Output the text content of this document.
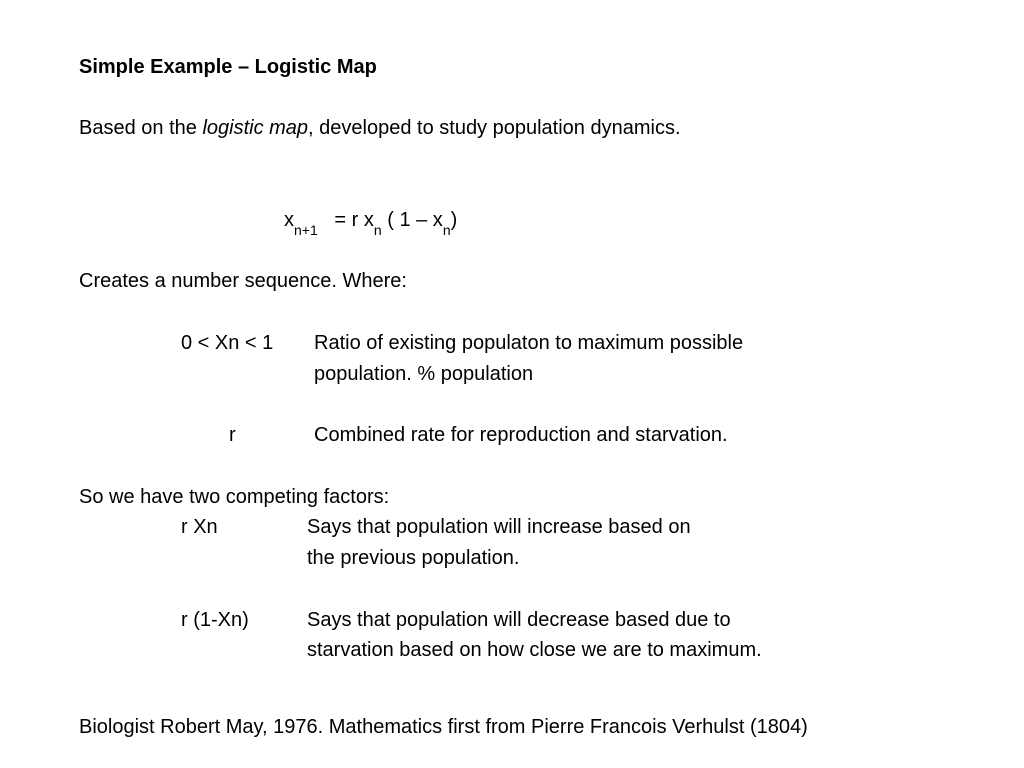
Simple Example – Logistic Map
Based on the logistic map, developed to study population dynamics.
$x_{n+1} = r$ $x_n$ ( $1 - x_n$)
Creates a number sequence. Where:
0 < Xn < 1 Ratio of existing populaton to maximum possible
population. % population
r	Combined rate for reproduction and starvation.
So we have two competing factors:
r Xn	Says that population will increase based on
the previous population.
r (1-Xn)	Says that population will decrease based due to
starvation based on how close we are to maximum.
Biologist Robert May, 1976. Mathematics first from Pierre Francois Verhulst (1804)
